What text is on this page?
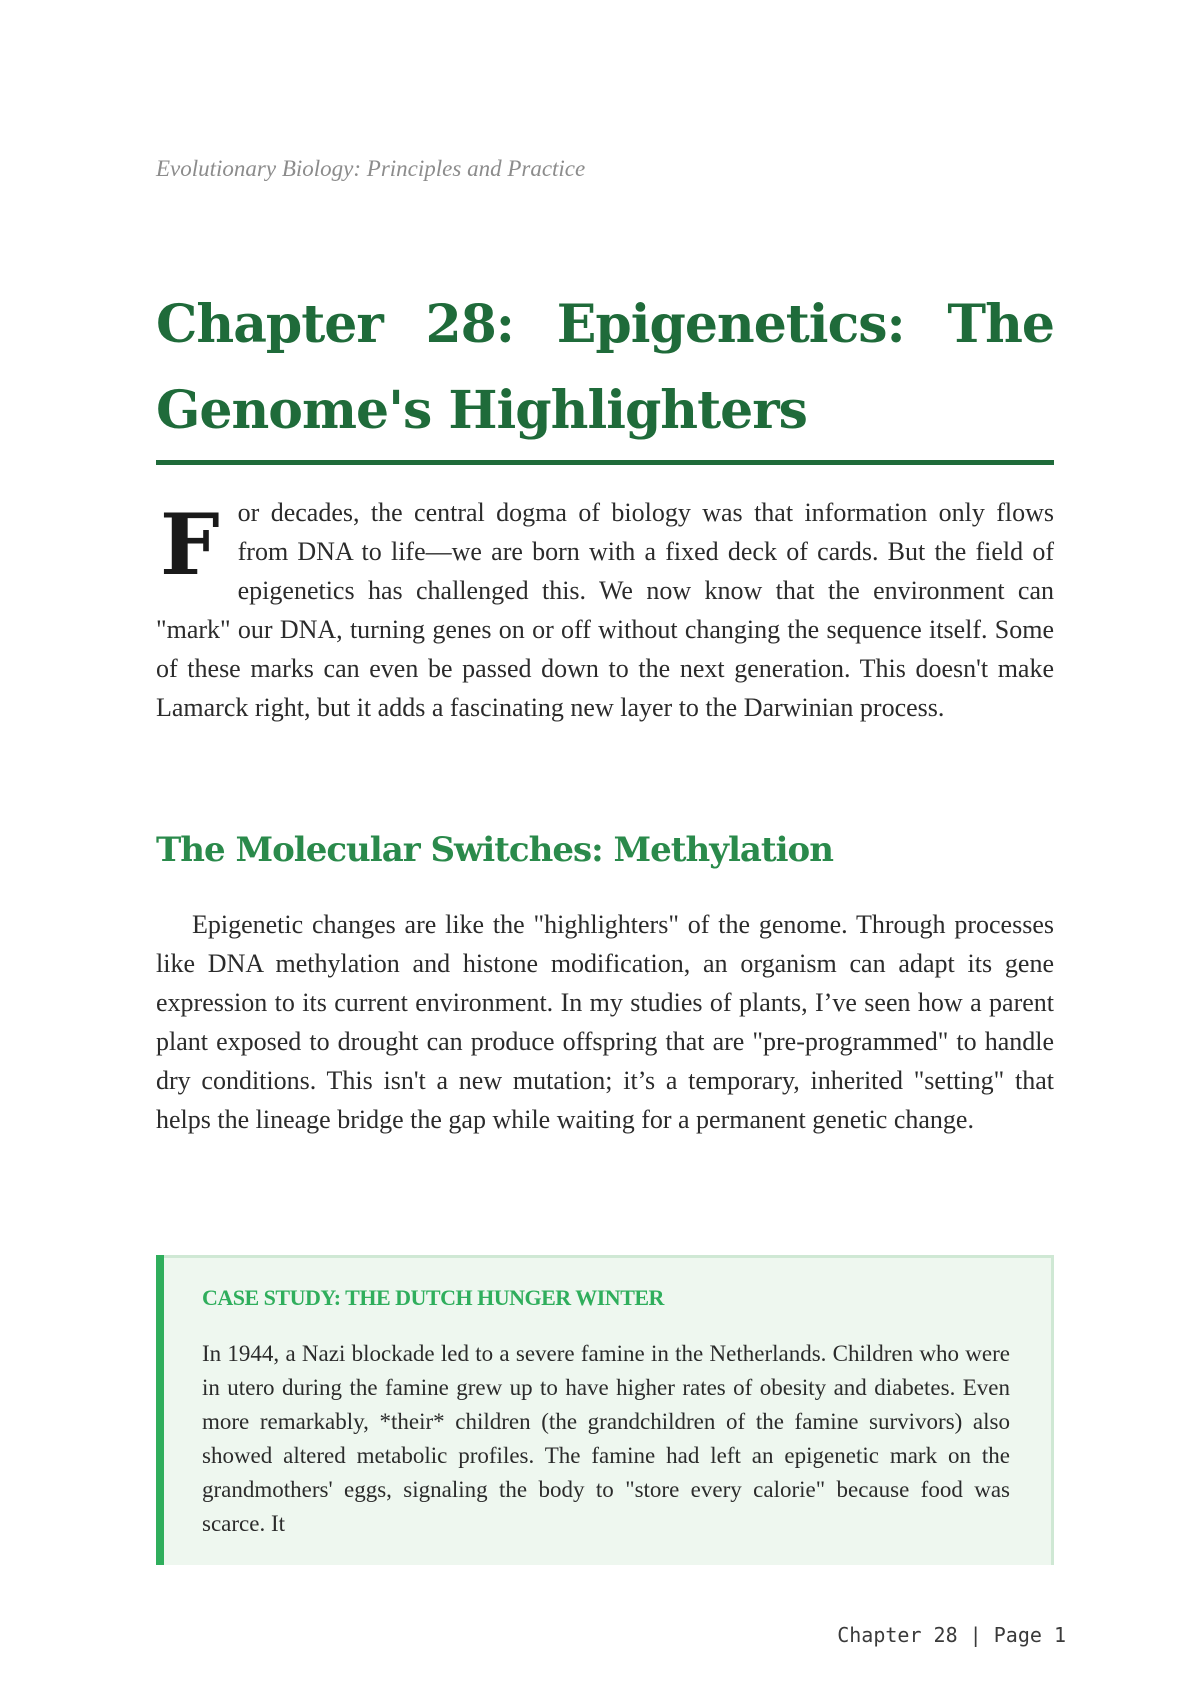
Evolutionary Biology: Principles and Practice

Chapter 28: Epigenetics: The Genome's Highlighters

For decades, the central dogma of biology was that information only flows from DNA to life—we are born with a fixed deck of cards. But the field of epigenetics has challenged this. We now know that the environment can "mark" our DNA, turning genes on or off without changing the sequence itself. Some of these marks can even be passed down to the next generation. This doesn't make Lamarck right, but it adds a fascinating new layer to the Darwinian process.

The Molecular Switches: Methylation

Epigenetic changes are like the "highlighters" of the genome. Through processes like DNA methylation and histone modification, an organism can adapt its gene expression to its current environment. In my studies of plants, I’ve seen how a parent plant exposed to drought can produce offspring that are "pre-programmed" to handle dry conditions. This isn't a new mutation; it’s a temporary, inherited "setting" that helps the lineage bridge the gap while waiting for a permanent genetic change.

CASE STUDY: THE DUTCH HUNGER WINTER

In 1944, a Nazi blockade led to a severe famine in the Netherlands. Children who were in utero during the famine grew up to have higher rates of obesity and diabetes. Even more remarkably, *their* children (the grandchildren of the famine survivors) also showed altered metabolic profiles. The famine had left an epigenetic mark on the grandmothers' eggs, signaling the body to "store every calorie" because food was scarce. It

Chapter 28 | Page 1
